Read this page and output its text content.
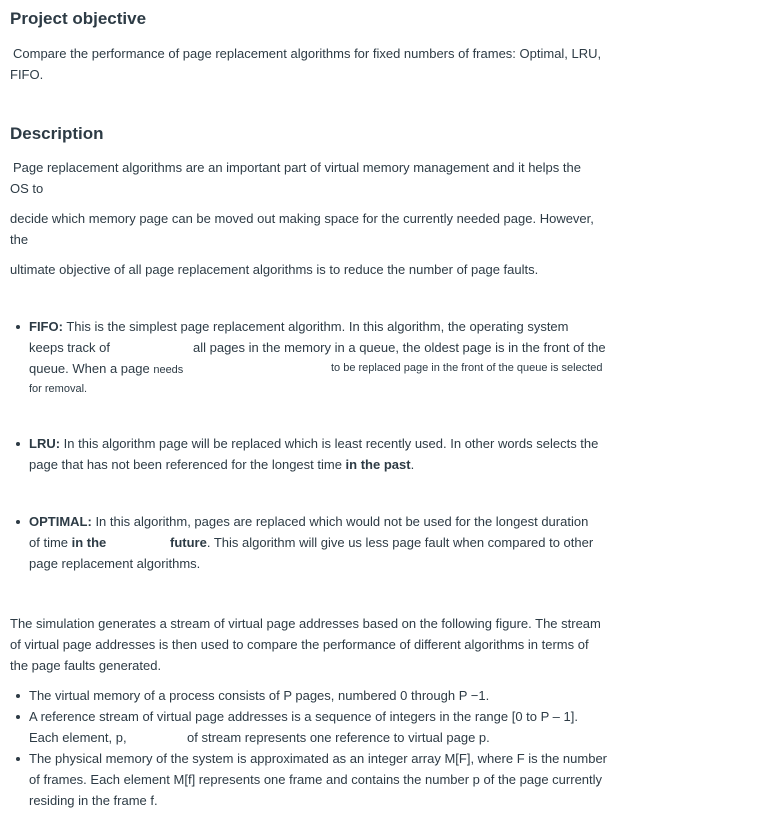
Project objective
Compare the performance of page replacement algorithms for fixed numbers of frames: Optimal, LRU,
FIFO.
Description
Page replacement algorithms are an important part of virtual memory management and it helps the
OS to
decide which memory page can be moved out making space for the currently needed page. However,
the
ultimate objective of all page replacement algorithms is to reduce the number of page faults.
FIFO: This is the simplest page replacement algorithm. In this algorithm, the operating system
keeps track of	all pages in the memory in a queue, the oldest page is in the front of the
queue. When a page needs	to be replaced page in the front of the queue is selected
for removal.
LRU: In this algorithm page will be replaced which is least recently used. In other words selects the
page that has not been referenced for the longest time in the past.
OPTIMAL: In this algorithm, pages are replaced which would not be used for the longest duration
of time in the	future. This algorithm will give us less page fault when compared to other
page replacement algorithms.
The simulation generates a stream of virtual page addresses based on the following figure. The stream
of virtual page addresses is then used to compare the performance of different algorithms in terms of
the page faults generated.
The virtual memory of a process consists of P pages, numbered 0 through P −1.
A reference stream of virtual page addresses is a sequence of integers in the range [0 to P – 1].
Each element, p,	of stream represents one reference to virtual page p.
The physical memory of the system is approximated as an integer array M[F], where F is the number
of frames. Each element M[f] represents one frame and contains the number p of the page currently
residing in the frame f.
